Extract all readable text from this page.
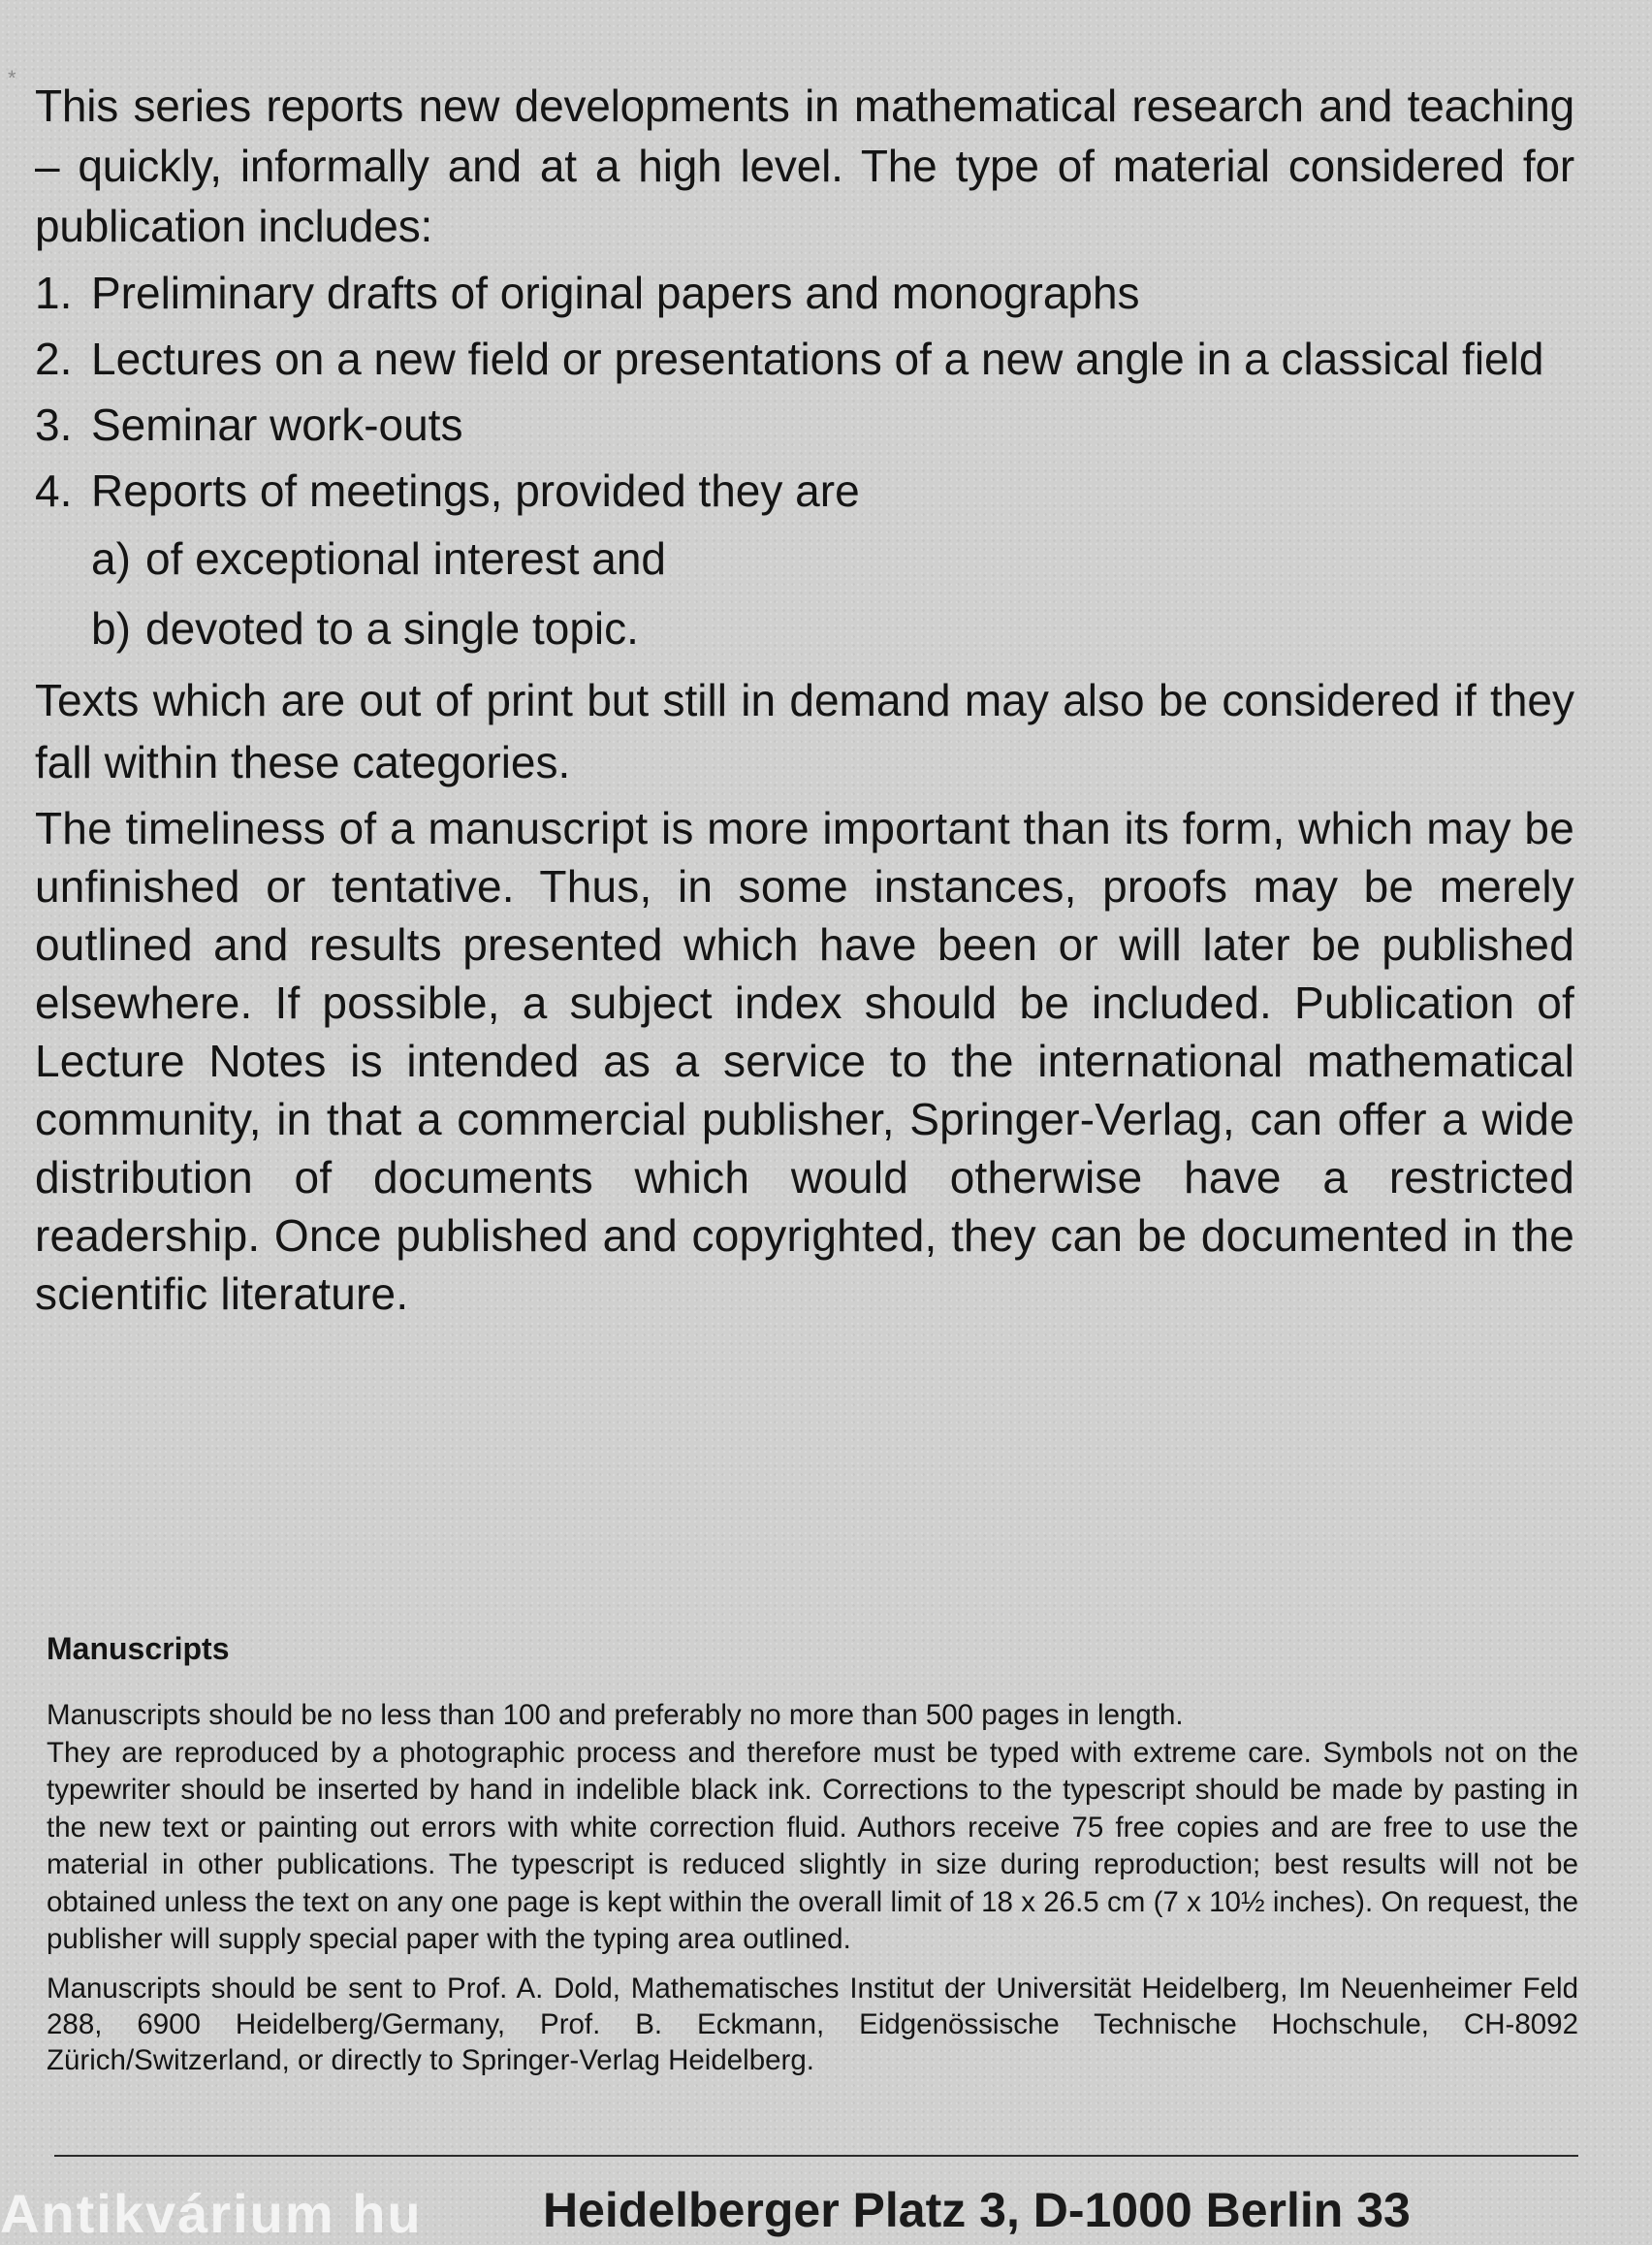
*

This series reports new developments in mathematical research and teaching – quickly, informally and at a high level. The type of material considered for publication includes:

1. Preliminary drafts of original papers and monographs
2. Lectures on a new field or presentations of a new angle in a classical field
3. Seminar work-outs
4. Reports of meetings, provided they are
a) of exceptional interest and
b) devoted to a single topic.

Texts which are out of print but still in demand may also be considered if they fall within these categories.

The timeliness of a manuscript is more important than its form, which may be unfinished or tentative. Thus, in some instances, proofs may be merely outlined and results presented which have been or will later be published elsewhere. If possible, a subject index should be included. Publication of Lecture Notes is intended as a service to the international mathematical community, in that a commercial publisher, Springer-Verlag, can offer a wide distribution of documents which would otherwise have a restricted readership. Once published and copyrighted, they can be documented in the scientific literature.

Manuscripts

Manuscripts should be no less than 100 and preferably no more than 500 pages in length.

They are reproduced by a photographic process and therefore must be typed with extreme care. Symbols not on the typewriter should be inserted by hand in indelible black ink. Corrections to the typescript should be made by pasting in the new text or painting out errors with white correction fluid. Authors receive 75 free copies and are free to use the material in other publications. The typescript is reduced slightly in size during reproduction; best results will not be obtained unless the text on any one page is kept within the overall limit of 18 x 26.5 cm (7 x 10½ inches). On request, the publisher will supply special paper with the typing area outlined.

Manuscripts should be sent to Prof. A. Dold, Mathematisches Institut der Universität Heidelberg, Im Neuenheimer Feld 288, 6900 Heidelberg/Germany, Prof. B. Eckmann, Eidgenössische Technische Hochschule, CH-8092 Zürich/Switzerland, or directly to Springer-Verlag Heidelberg.

Antikvárium hu Heidelberger Platz 3, D-1000 Berlin 33
